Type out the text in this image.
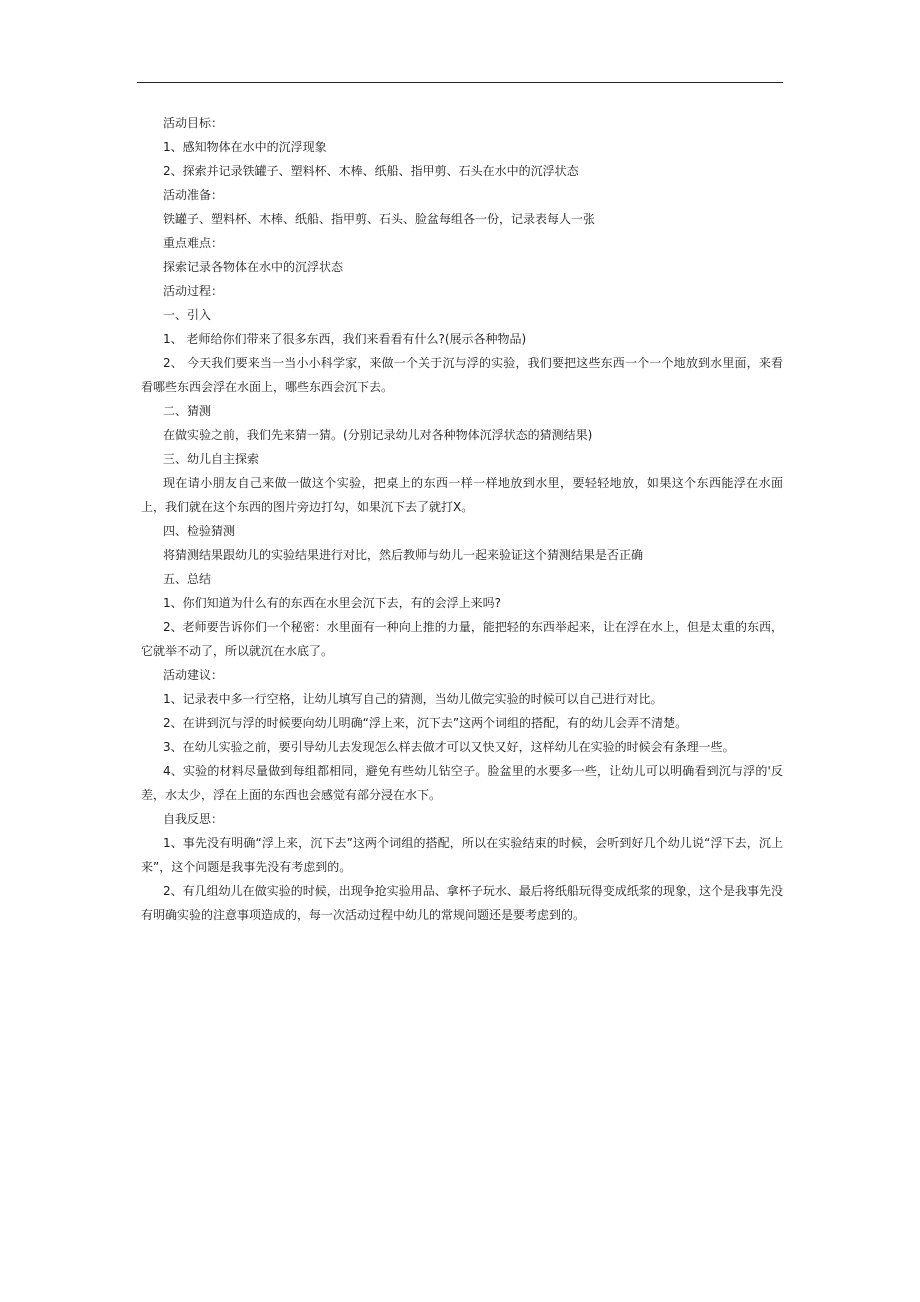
活动目标：

1、感知物体在水中的沉浮现象

2、探索并记录铁罐子、塑料杯、木棒、纸船、指甲剪、石头在水中的沉浮状态

活动准备：

铁罐子、塑料杯、木棒、纸船、指甲剪、石头、脸盆每组各一份，记录表每人一张

重点难点：

探索记录各物体在水中的沉浮状态

活动过程：

一、引入

1、 老师给你们带来了很多东西，我们来看看有什么?(展示各种物品)

2、 今天我们要来当一当小小科学家，来做一个关于沉与浮的实验，我们要把这些东西一个一个地放到水里面，来看看哪些东西会浮在水面上，哪些东西会沉下去。

二、猜测

在做实验之前，我们先来猜一猜。(分别记录幼儿对各种物体沉浮状态的猜测结果)

三、幼儿自主探索

现在请小朋友自己来做一做这个实验，把桌上的东西一样一样地放到水里，要轻轻地放，如果这个东西能浮在水面上，我们就在这个东西的图片旁边打勾，如果沉下去了就打X。

四、检验猜测

将猜测结果跟幼儿的实验结果进行对比，然后教师与幼儿一起来验证这个猜测结果是否正确

五、总结

1、你们知道为什么有的东西在水里会沉下去，有的会浮上来吗?

2、老师要告诉你们一个秘密：水里面有一种向上推的力量，能把轻的东西举起来，让在浮在水上，但是太重的东西，它就举不动了，所以就沉在水底了。

活动建议：

1、记录表中多一行空格，让幼儿填写自己的猜测，当幼儿做完实验的时候可以自己进行对比。

2、在讲到沉与浮的时候要向幼儿明确“浮上来，沉下去”这两个词组的搭配，有的幼儿会弄不清楚。

3、在幼儿实验之前，要引导幼儿去发现怎么样去做才可以又快又好，这样幼儿在实验的时候会有条理一些。

4、实验的材料尽量做到每组都相同，避免有些幼儿钻空子。脸盆里的水要多一些，让幼儿可以明确看到沉与浮的'反差，水太少，浮在上面的东西也会感觉有部分浸在水下。

自我反思：

1、事先没有明确“浮上来，沉下去”这两个词组的搭配，所以在实验结束的时候，会听到好几个幼儿说“浮下去，沉上来”，这个问题是我事先没有考虑到的。

2、有几组幼儿在做实验的时候，出现争抢实验用品、拿杯子玩水、最后将纸船玩得变成纸浆的现象，这个是我事先没有明确实验的注意事项造成的，每一次活动过程中幼儿的常规问题还是要考虑到的。
